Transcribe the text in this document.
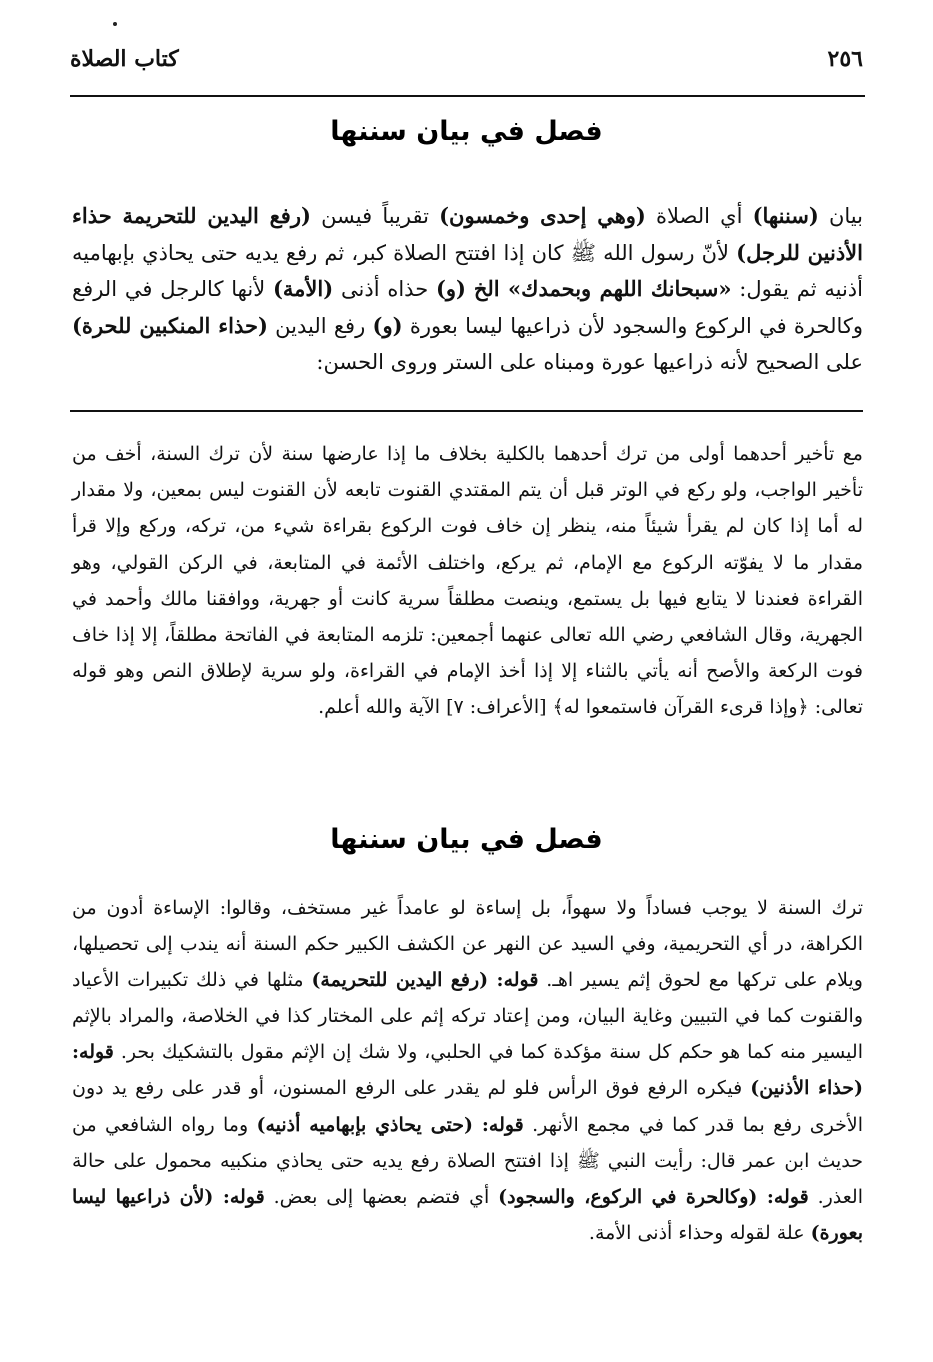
٢٥٦
كتاب الصلاة
فصل في بيان سننها

بيان (سننها) أي الصلاة (وهي إحدى وخمسون) تقريباً فيسن (رفع اليدين للتحريمة حذاء الأذنين للرجل) لأنّ رسول الله ﷺ كان إذا افتتح الصلاة كبر، ثم رفع يديه حتى يحاذي بإبهاميه أذنيه ثم يقول: «سبحانك اللهم وبحمدك» الخ (و) حذاه أذنى (الأمة) لأنها كالرجل في الرفع وكالحرة في الركوع والسجود لأن ذراعيها ليسا بعورة (و) رفع اليدين (حذاء المنكبين للحرة) على الصحيح لأنه ذراعيها عورة ومبناه على الستر وروى الحسن:

مع تأخير أحدهما أولى من ترك أحدهما بالكلية بخلاف ما إذا عارضها سنة لأن ترك السنة، أخف من تأخير الواجب، ولو ركع في الوتر قبل أن يتم المقتدي القنوت تابعه لأن القنوت ليس بمعين، ولا مقدار له أما إذا كان لم يقرأ شيئاً منه، ينظر إن خاف فوت الركوع بقراءة شيء من، تركه، وركع وإلا قرأ مقدار ما لا يفوّته الركوع مع الإمام، ثم يركع، واختلف الأئمة في المتابعة، في الركن القولي، وهو القراءة فعندنا لا يتابع فيها بل يستمع، وينصت مطلقاً سرية كانت أو جهرية، ووافقنا مالك وأحمد في الجهرية، وقال الشافعي رضي الله تعالى عنهما أجمعين: تلزمه المتابعة في الفاتحة مطلقاً، إلا إذا خاف فوت الركعة والأصح أنه يأتي بالثناء إلا إذا أخذ الإمام في القراءة، ولو سرية لإطلاق النص وهو قوله تعالى: ﴿وإذا قرىء القرآن فاستمعوا له﴾ [الأعراف: ٧] الآية والله أعلم.

فصل في بيان سننها

ترك السنة لا يوجب فساداً ولا سهواً، بل إساءة لو عامداً غير مستخف، وقالوا: الإساءة أدون من الكراهة، در أي التحريمية، وفي السيد عن النهر عن الكشف الكبير حكم السنة أنه يندب إلى تحصيلها، ويلام على تركها مع لحوق إثم يسير اهـ. قوله: (رفع اليدين للتحريمة) مثلها في ذلك تكبيرات الأعياد والقنوت كما في التبيين وغاية البيان، ومن إعتاد تركه إثم على المختار كذا في الخلاصة، والمراد بالإثم اليسير منه كما هو حكم كل سنة مؤكدة كما في الحلبي، ولا شك إن الإثم مقول بالتشكيك بحر. قوله: (حذاء الأذنين) فيكره الرفع فوق الرأس فلو لم يقدر على الرفع المسنون، أو قدر على رفع يد دون الأخرى رفع بما قدر كما في مجمع الأنهر. قوله: (حتى يحاذي بإبهاميه أذنيه) وما رواه الشافعي من حديث ابن عمر قال: رأيت النبي ﷺ إذا افتتح الصلاة رفع يديه حتى يحاذي منكبيه محمول على حالة العذر. قوله: (وكالحرة في الركوع، والسجود) أي فتضم بعضها إلى بعض. قوله: (لأن ذراعيها ليسا بعورة) علة لقوله وحذاء أذنى الأمة.
